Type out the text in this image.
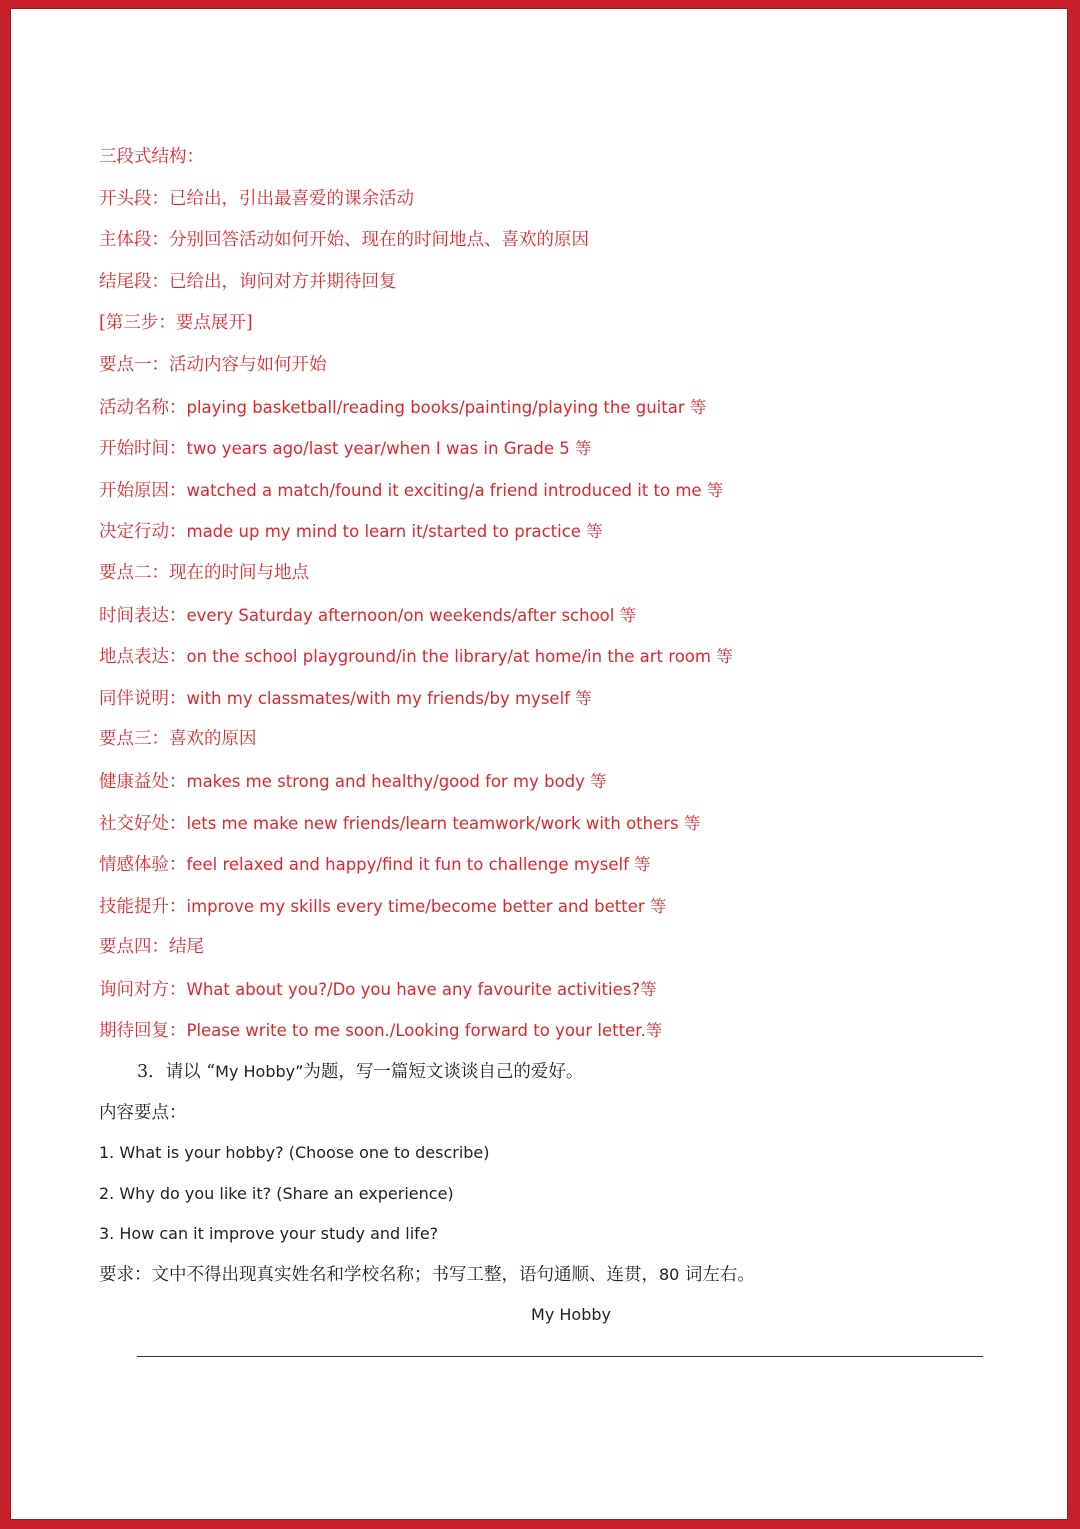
三段式结构：
开头段：已给出，引出最喜爱的课余活动
主体段：分别回答活动如何开始、现在的时间地点、喜欢的原因
结尾段：已给出，询问对方并期待回复
[第三步：要点展开]
要点一：活动内容与如何开始
活动名称：playing basketball/reading books/painting/playing the guitar 等
开始时间：two years ago/last year/when I was in Grade 5 等
开始原因：watched a match/found it exciting/a friend introduced it to me 等
决定行动：made up my mind to learn it/started to practice 等
要点二：现在的时间与地点
时间表达：every Saturday afternoon/on weekends/after school 等
地点表达：on the school playground/in the library/at home/in the art room 等
同伴说明：with my classmates/with my friends/by myself 等
要点三：喜欢的原因
健康益处：makes me strong and healthy/good for my body 等
社交好处：lets me make new friends/learn teamwork/work with others 等
情感体验：feel relaxed and happy/find it fun to challenge myself 等
技能提升：improve my skills every time/become better and better 等
要点四：结尾
询问对方：What about you?/Do you have any favourite activities?等
期待回复：Please write to me soon./Looking forward to your letter.等
3．请以 “My Hobby”为题，写一篇短文谈谈自己的爱好。
内容要点：
1. What is your hobby? (Choose one to describe)
2. Why do you like it? (Share an experience)
3. How can it improve your study and life?
要求：文中不得出现真实姓名和学校名称；书写工整，语句通顺、连贯，80 词左右。
My Hobby
